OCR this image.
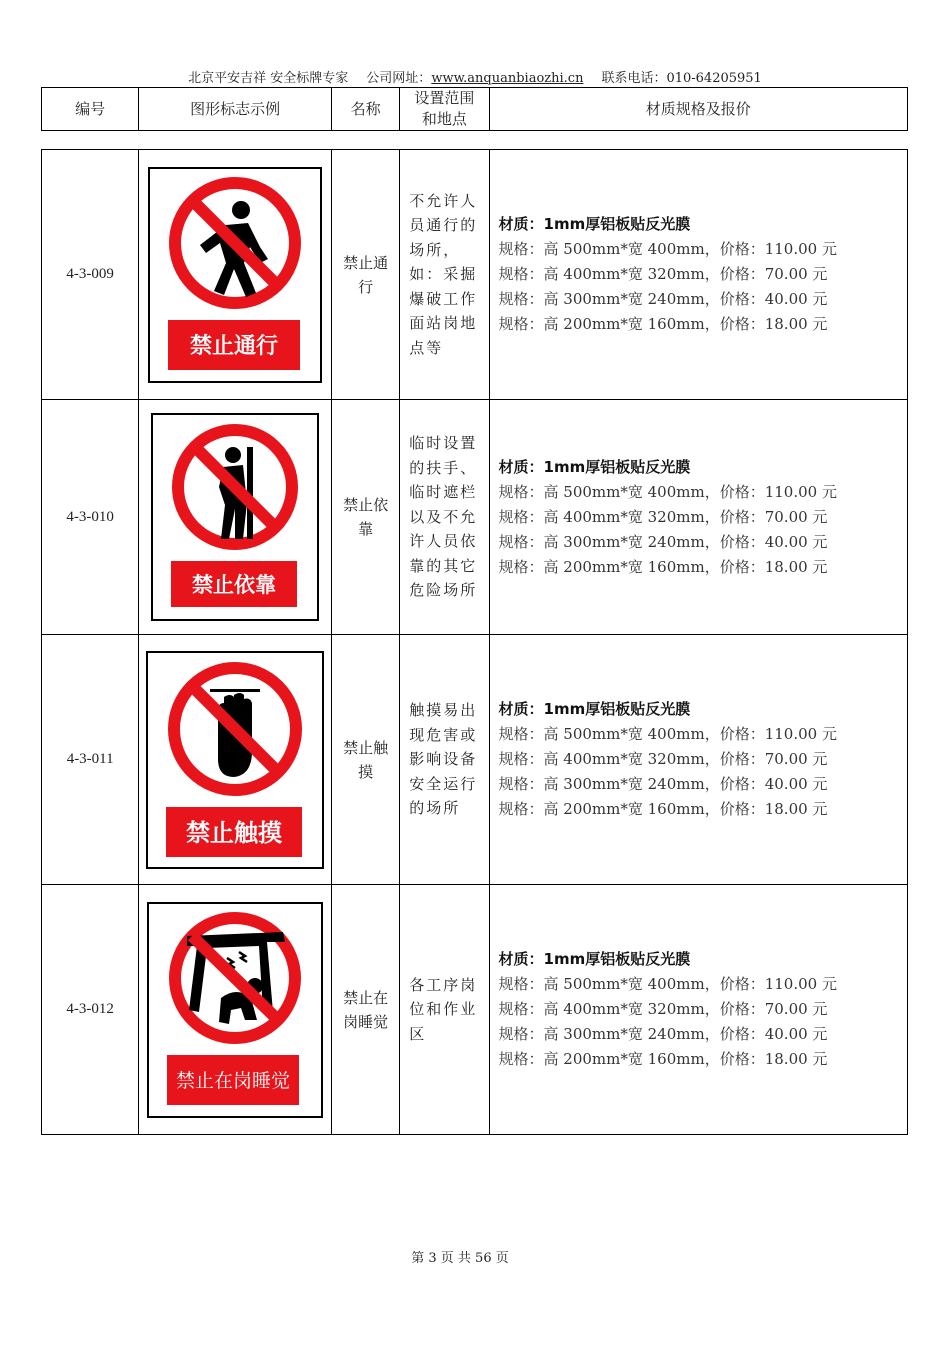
北京平安吉祥 安全标牌专家 公司网址：www.anquanbiaozhi.cn 联系电话：010-64205951
编号	图形标志示例	名称	设置范围和地点	材质规格及报价
4-3-009	禁止通行	禁止通行	不允许人员通行的场所，如：采掘爆破工作面站岗地点等	材质：1mm厚铝板贴反光膜
规格：高 500mm*宽 400mm，价格：110.00 元
规格：高 400mm*宽 320mm，价格：70.00 元
规格：高 300mm*宽 240mm，价格：40.00 元
规格：高 200mm*宽 160mm，价格：18.00 元

4-3-010	禁止依靠	禁止依靠	临时设置的扶手、临时遮栏以及不允许人员依靠的其它危险场所	材质：1mm厚铝板贴反光膜
规格：高 500mm*宽 400mm，价格：110.00 元
规格：高 400mm*宽 320mm，价格：70.00 元
规格：高 300mm*宽 240mm，价格：40.00 元
规格：高 200mm*宽 160mm，价格：18.00 元

4-3-011	禁止触摸	禁止触摸	触摸易出现危害或影响设备安全运行的场所	材质：1mm厚铝板贴反光膜
规格：高 500mm*宽 400mm，价格：110.00 元
规格：高 400mm*宽 320mm，价格：70.00 元
规格：高 300mm*宽 240mm，价格：40.00 元
规格：高 200mm*宽 160mm，价格：18.00 元

4-3-012	禁止在岗睡觉	禁止在岗睡觉	各工序岗位和作业区	材质：1mm厚铝板贴反光膜
规格：高 500mm*宽 400mm，价格：110.00 元
规格：高 400mm*宽 320mm，价格：70.00 元
规格：高 300mm*宽 240mm，价格：40.00 元
规格：高 200mm*宽 160mm，价格：18.00 元
第 3 页 共 56 页
